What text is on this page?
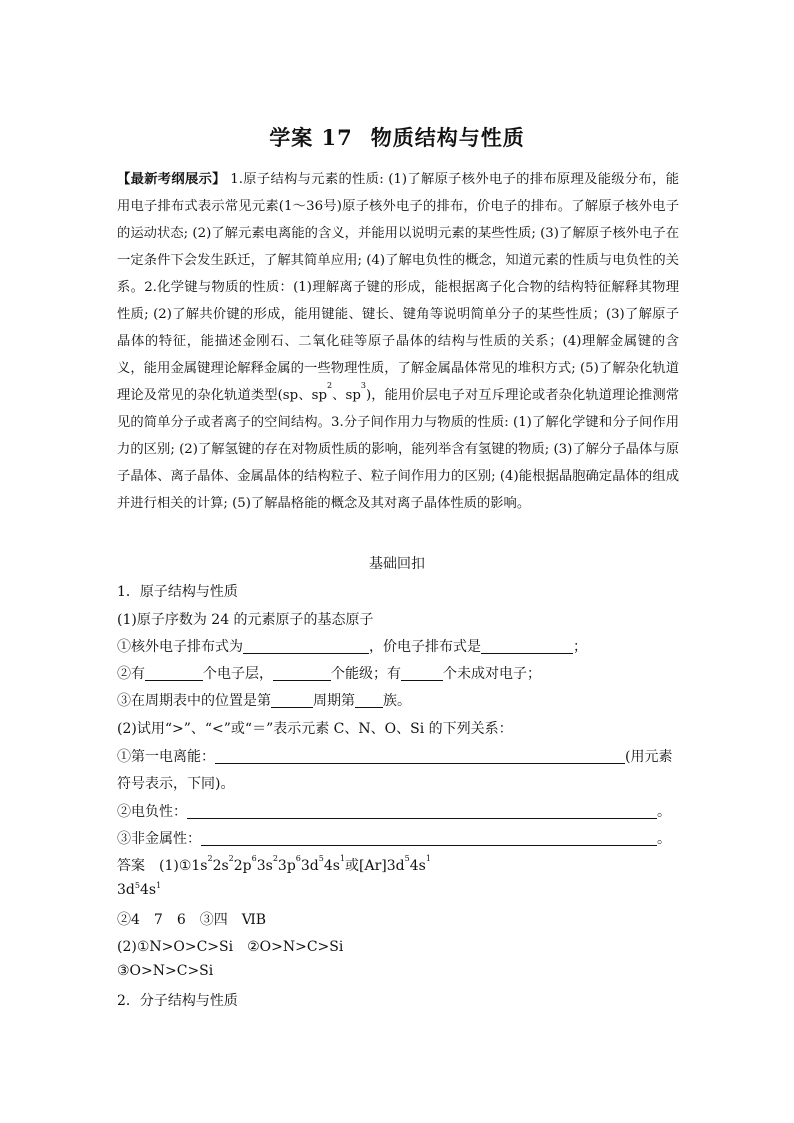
学案 17 物质结构与性质
【最新考纲展示】 1.原子结构与元素的性质: (1)了解原子核外电子的排布原理及能级分布，能用电子排布式表示常见元素(1～36号)原子核外电子的排布，价电子的排布。了解原子核外电子的运动状态; (2)了解元素电离能的含义，并能用以说明元素的某些性质; (3)了解原子核外电子在一定条件下会发生跃迁，了解其简单应用; (4)了解电负性的概念，知道元素的性质与电负性的关系。2.化学键与物质的性质：(1)理解离子键的形成，能根据离子化合物的结构特征解释其物理性质; (2)了解共价键的形成，能用键能、键长、键角等说明简单分子的某些性质；(3)了解原子晶体的特征，能描述金刚石、二氧化硅等原子晶体的结构与性质的关系；(4)理解金属键的含义，能用金属键理论解释金属的一些物理性质，了解金属晶体常见的堆积方式; (5)了解杂化轨道理论及常见的杂化轨道类型(sp、$sp^2$、$sp^3$)，能用价层电子对互斥理论或者杂化轨道理论推测常见的简单分子或者离子的空间结构。3.分子间作用力与物质的性质: (1)了解化学键和分子间作用力的区别; (2)了解氢键的存在对物质性质的影响，能列举含有氢键的物质; (3)了解分子晶体与原子晶体、离子晶体、金属晶体的结构粒子、粒子间作用力的区别; (4)能根据晶胞确定晶体的组成并进行相关的计算; (5)了解晶格能的概念及其对离子晶体性质的影响。
基础回扣
1．原子结构与性质
(1)原子序数为 24 的元素原子的基态原子
①核外电子排布式为	，价电子排布式是	；
②有	个电子层，	个能级；有	个未成对电子；
③在周期表中的位置是第	周期第 族。
(2)试用“>”、“<”或“＝”表示元素 C、N、O、Si 的下列关系：
①第一电离能：	(用元素
符号表示，下同)。
②电负性：	。
③非金属性：	。
答案 $(1)①1s^22s^22p^63s^23p^63d^54s^1$或$[Ar]3d^54s^1$
$3d^54s^1$
②4　7　6　③四　ⅥB
(2)①N>O>C>Si　②O>N>C>Si
③O>N>C>Si
2．分子结构与性质
